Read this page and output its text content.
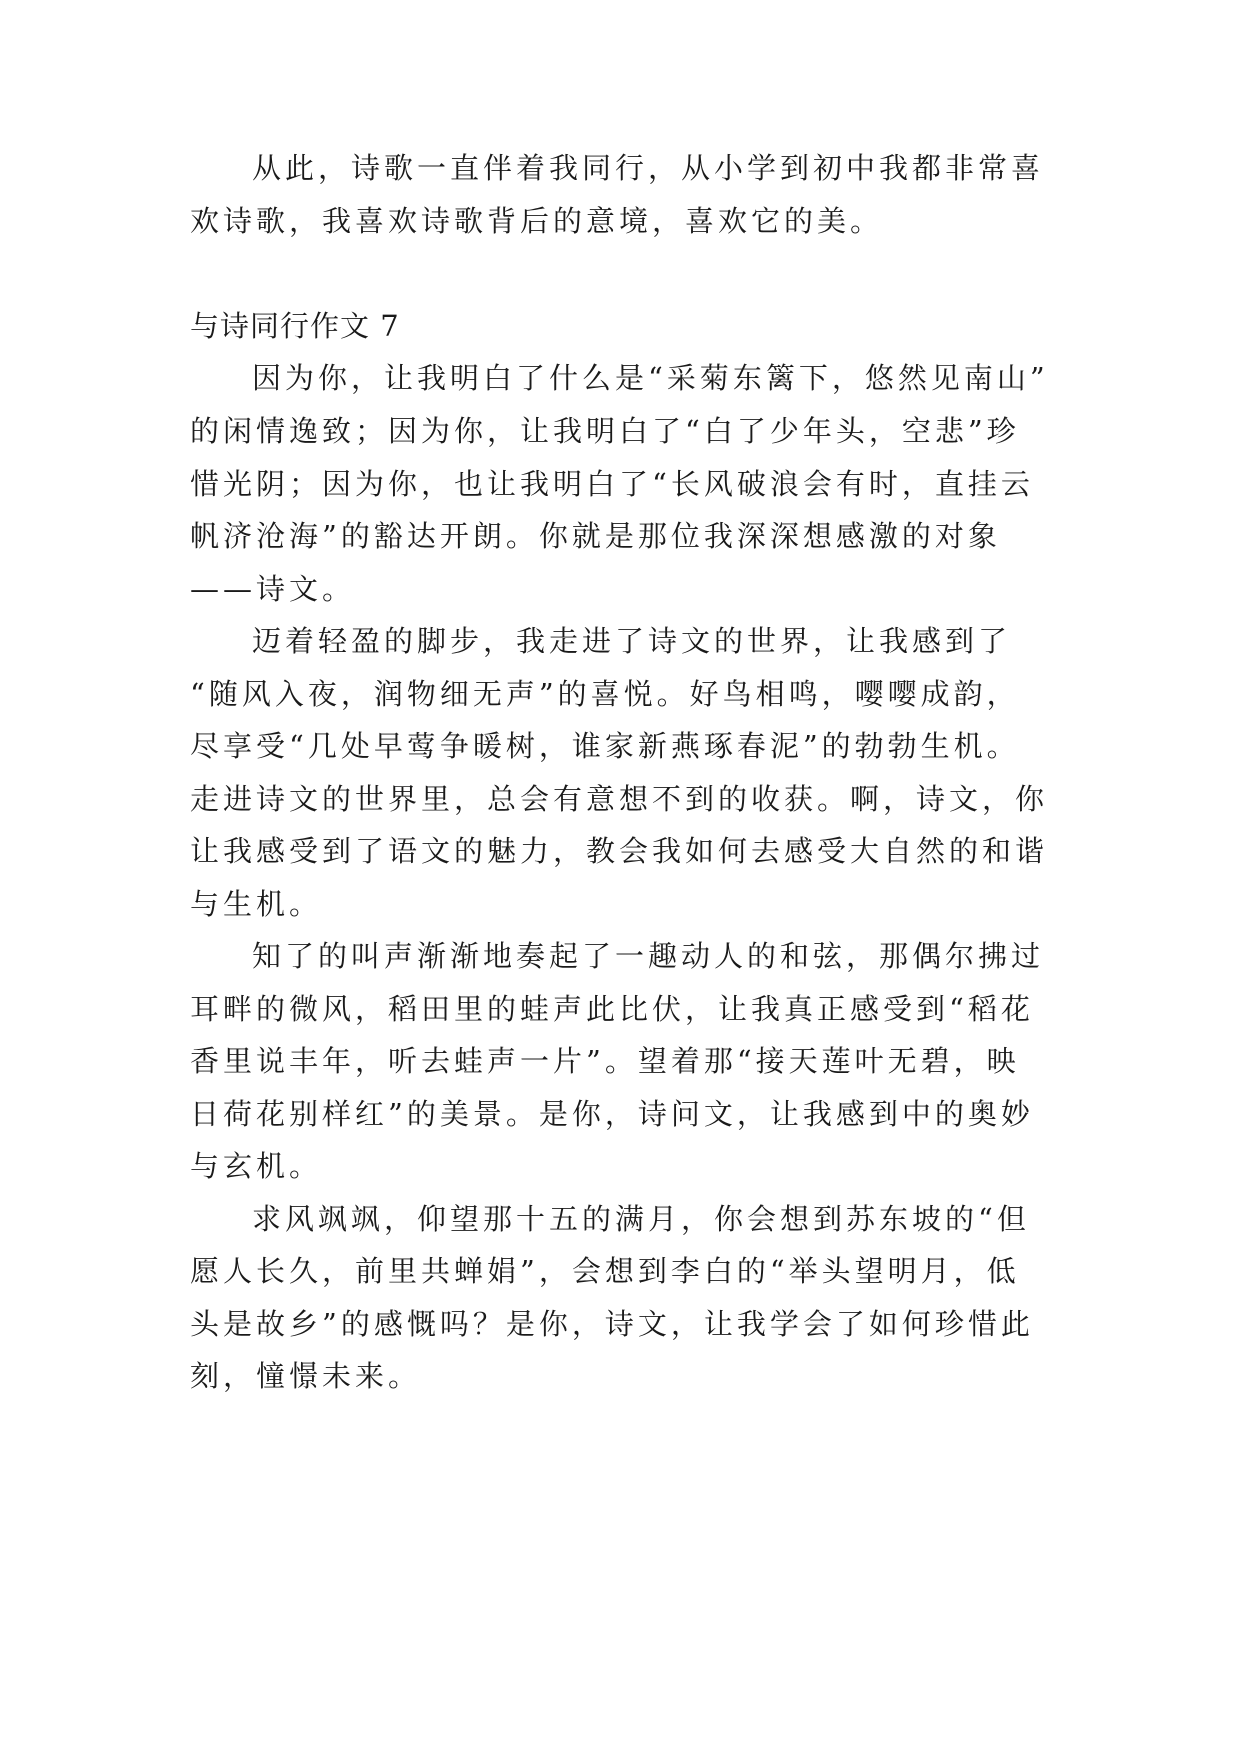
从此，诗歌一直伴着我同行，从小学到初中我都非常喜
欢诗歌，我喜欢诗歌背后的意境，喜欢它的美。
与诗同行作文 7
因为你，让我明白了什么是“采菊东篱下，悠然见南山”
的闲情逸致；因为你，让我明白了“白了少年头，空悲”珍
惜光阴；因为你，也让我明白了“长风破浪会有时，直挂云
帆济沧海”的豁达开朗。你就是那位我深深想感激的对象
——诗文。
迈着轻盈的脚步，我走进了诗文的世界，让我感到了
“随风入夜，润物细无声”的喜悦。好鸟相鸣，嘤嘤成韵，
尽享受“几处早莺争暖树，谁家新燕琢春泥”的勃勃生机。
走进诗文的世界里，总会有意想不到的收获。啊，诗文，你
让我感受到了语文的魅力，教会我如何去感受大自然的和谐
与生机。
知了的叫声渐渐地奏起了一趣动人的和弦，那偶尔拂过
耳畔的微风，稻田里的蛙声此比伏，让我真正感受到“稻花
香里说丰年，听去蛙声一片”。望着那“接天莲叶无碧，映
日荷花别样红”的美景。是你，诗问文，让我感到中的奥妙
与玄机。
求风飒飒，仰望那十五的满月，你会想到苏东坡的“但
愿人长久，前里共蝉娟”，会想到李白的“举头望明月，低
头是故乡”的感慨吗？是你，诗文，让我学会了如何珍惜此
刻，憧憬未来。
